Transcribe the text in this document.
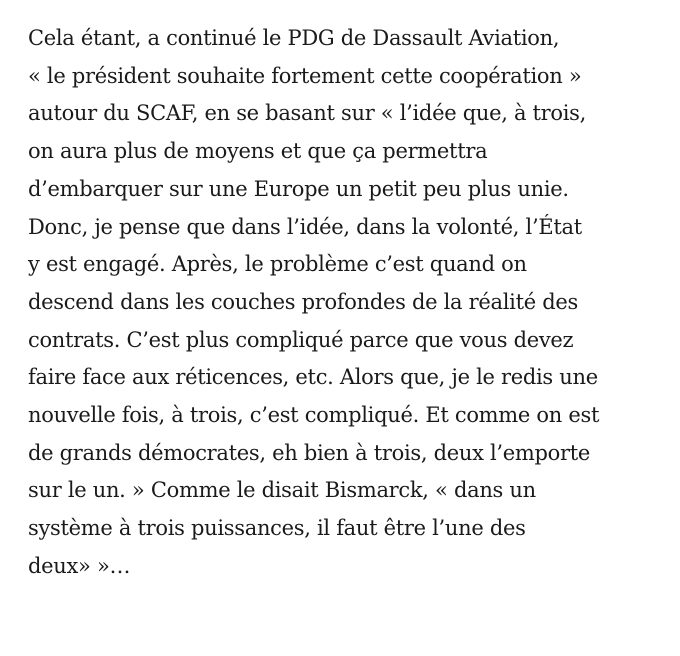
Cela étant, a continué le PDG de Dassault Aviation,
« le président souhaite fortement cette coopération »
autour du SCAF, en se basant sur « l’idée que, à trois,
on aura plus de moyens et que ça permettra
d’embarquer sur une Europe un petit peu plus unie.
Donc, je pense que dans l’idée, dans la volonté, l’État
y est engagé. Après, le problème c’est quand on
descend dans les couches profondes de la réalité des
contrats. C’est plus compliqué parce que vous devez
faire face aux réticences, etc. Alors que, je le redis une
nouvelle fois, à trois, c’est compliqué. Et comme on est
de grands démocrates, eh bien à trois, deux l’emporte
sur le un. » Comme le disait Bismarck, « dans un
système à trois puissances, il faut être l’une des
deux» »…
